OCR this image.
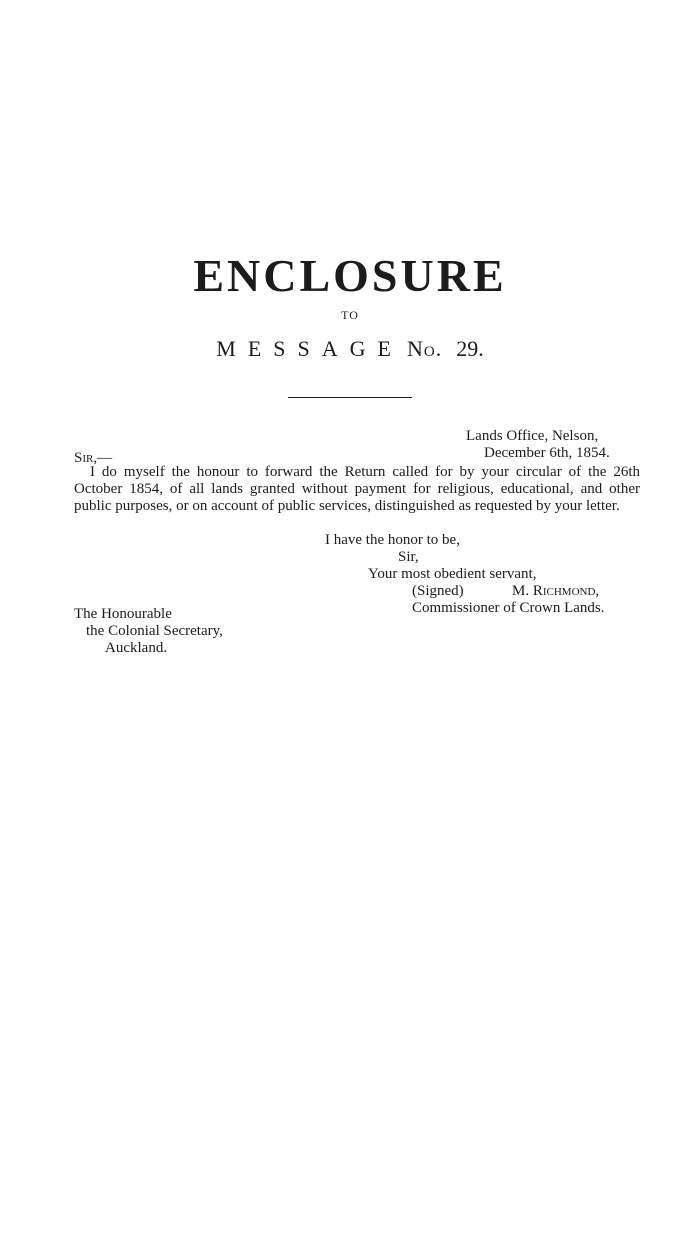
ENCLOSURE
TO
MESSAGE No. 29.
Lands Office, Nelson,
December 6th, 1854.
Sir,—
I do myself the honour to forward the Return called for by your circular of the 26th October 1854, of all lands granted without payment for religious, educational, and other public purposes, or on account of public services, distinguished as requested by your letter.
I have the honor to be,
Sir,
Your most obedient servant,
(Signed)	M. Richmond,
Commissioner of Crown Lands.
The Honourable
the Colonial Secretary,
Auckland.
